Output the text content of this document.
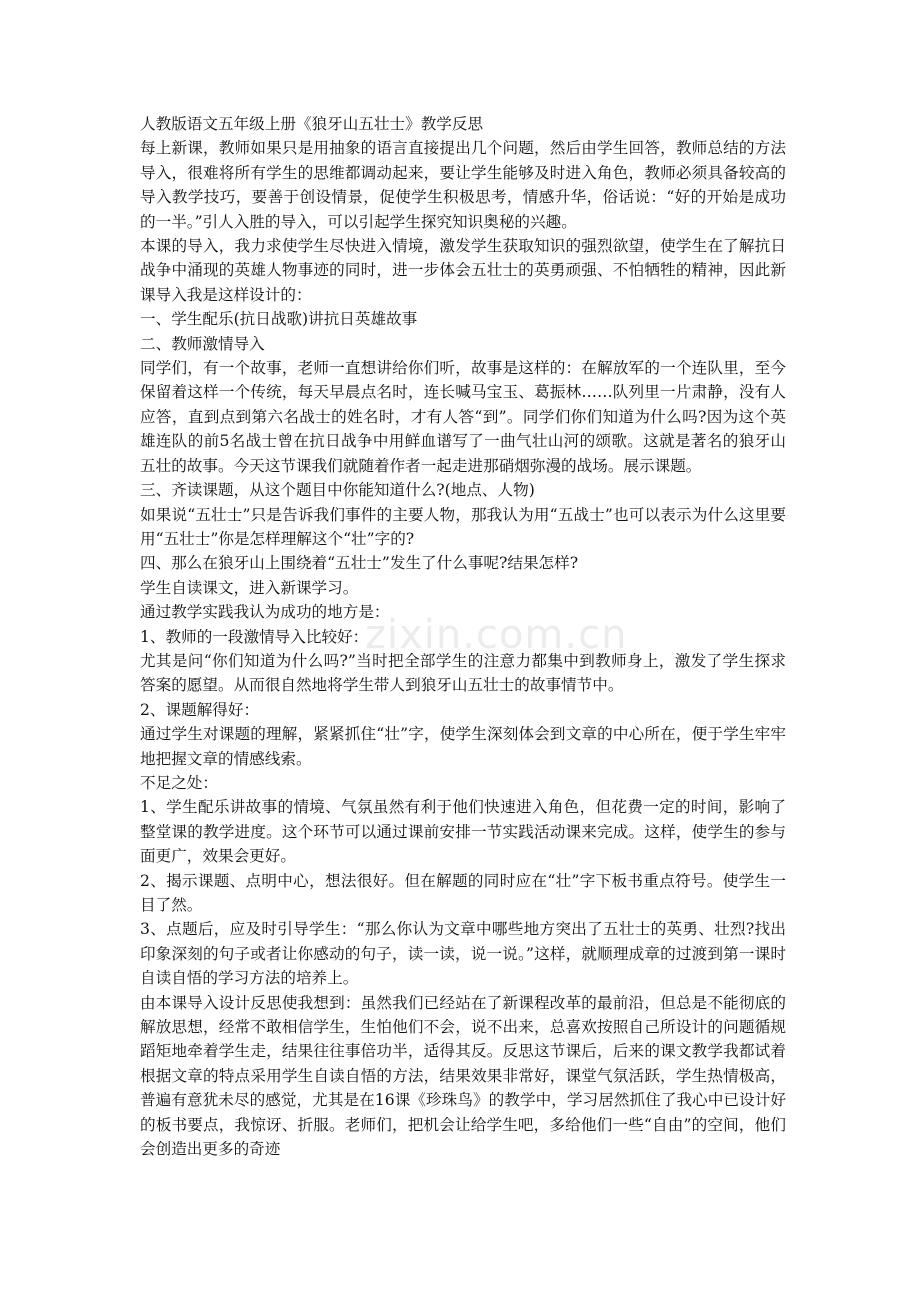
人教版语文五年级上册《狼牙山五壮士》教学反思

每上新课，教师如果只是用抽象的语言直接提出几个问题，然后由学生回答，教师总结的方法导入，很难将所有学生的思维都调动起来，要让学生能够及时进入角色，教师必须具备较高的导入教学技巧，要善于创设情景，促使学生积极思考，情感升华，俗话说：“好的开始是成功的一半。”引人入胜的导入，可以引起学生探究知识奥秘的兴趣。

本课的导入，我力求使学生尽快进入情境，激发学生获取知识的强烈欲望，使学生在了解抗日战争中涌现的英雄人物事迹的同时，进一步体会五壮士的英勇顽强、不怕牺牲的精神，因此新课导入我是这样设计的：

一、学生配乐(抗日战歌)讲抗日英雄故事

二、教师激情导入

同学们，有一个故事，老师一直想讲给你们听，故事是这样的：在解放军的一个连队里，至今保留着这样一个传统，每天早晨点名时，连长喊马宝玉、葛振林……队列里一片肃静，没有人应答，直到点到第六名战士的姓名时，才有人答“到”。同学们你们知道为什么吗?因为这个英雄连队的前5名战士曾在抗日战争中用鲜血谱写了一曲气壮山河的颂歌。这就是著名的狼牙山五壮的故事。今天这节课我们就随着作者一起走进那硝烟弥漫的战场。展示课题。

三、齐读课题，从这个题目中你能知道什么?(地点、人物)

如果说“五壮士”只是告诉我们事件的主要人物，那我认为用“五战士”也可以表示为什么这里要用“五壮士”你是怎样理解这个“壮”字的?

四、那么在狼牙山上围绕着“五壮士”发生了什么事呢?结果怎样?

学生自读课文，进入新课学习。

通过教学实践我认为成功的地方是：

1、教师的一段激情导入比较好：

尤其是问“你们知道为什么吗?”当时把全部学生的注意力都集中到教师身上，激发了学生探求答案的愿望。从而很自然地将学生带人到狼牙山五壮士的故事情节中。

2、课题解得好：

通过学生对课题的理解，紧紧抓住“壮”字，使学生深刻体会到文章的中心所在，便于学生牢牢地把握文章的情感线索。

不足之处：

1、学生配乐讲故事的情境、气氛虽然有利于他们快速进入角色，但花费一定的时间，影响了整堂课的教学进度。这个环节可以通过课前安排一节实践活动课来完成。这样，使学生的参与面更广，效果会更好。

2、揭示课题、点明中心，想法很好。但在解题的同时应在“壮”字下板书重点符号。使学生一目了然。

3、点题后，应及时引导学生：“那么你认为文章中哪些地方突出了五壮士的英勇、壮烈?找出印象深刻的句子或者让你感动的句子，读一读，说一说。”这样，就顺理成章的过渡到第一课时自读自悟的学习方法的培养上。

由本课导入设计反思使我想到：虽然我们已经站在了新课程改革的最前沿，但总是不能彻底的解放思想，经常不敢相信学生，生怕他们不会，说不出来，总喜欢按照自己所设计的问题循规蹈矩地牵着学生走，结果往往事倍功半，适得其反。反思这节课后，后来的课文教学我都试着根据文章的特点采用学生自读自悟的方法，结果效果非常好，课堂气氛活跃，学生热情极高，普遍有意犹未尽的感觉，尤其是在16课《珍珠鸟》的教学中，学习居然抓住了我心中已设计好的板书要点，我惊讶、折服。老师们，把机会让给学生吧，多给他们一些“自由”的空间，他们会创造出更多的奇迹

zixin.com.cn
